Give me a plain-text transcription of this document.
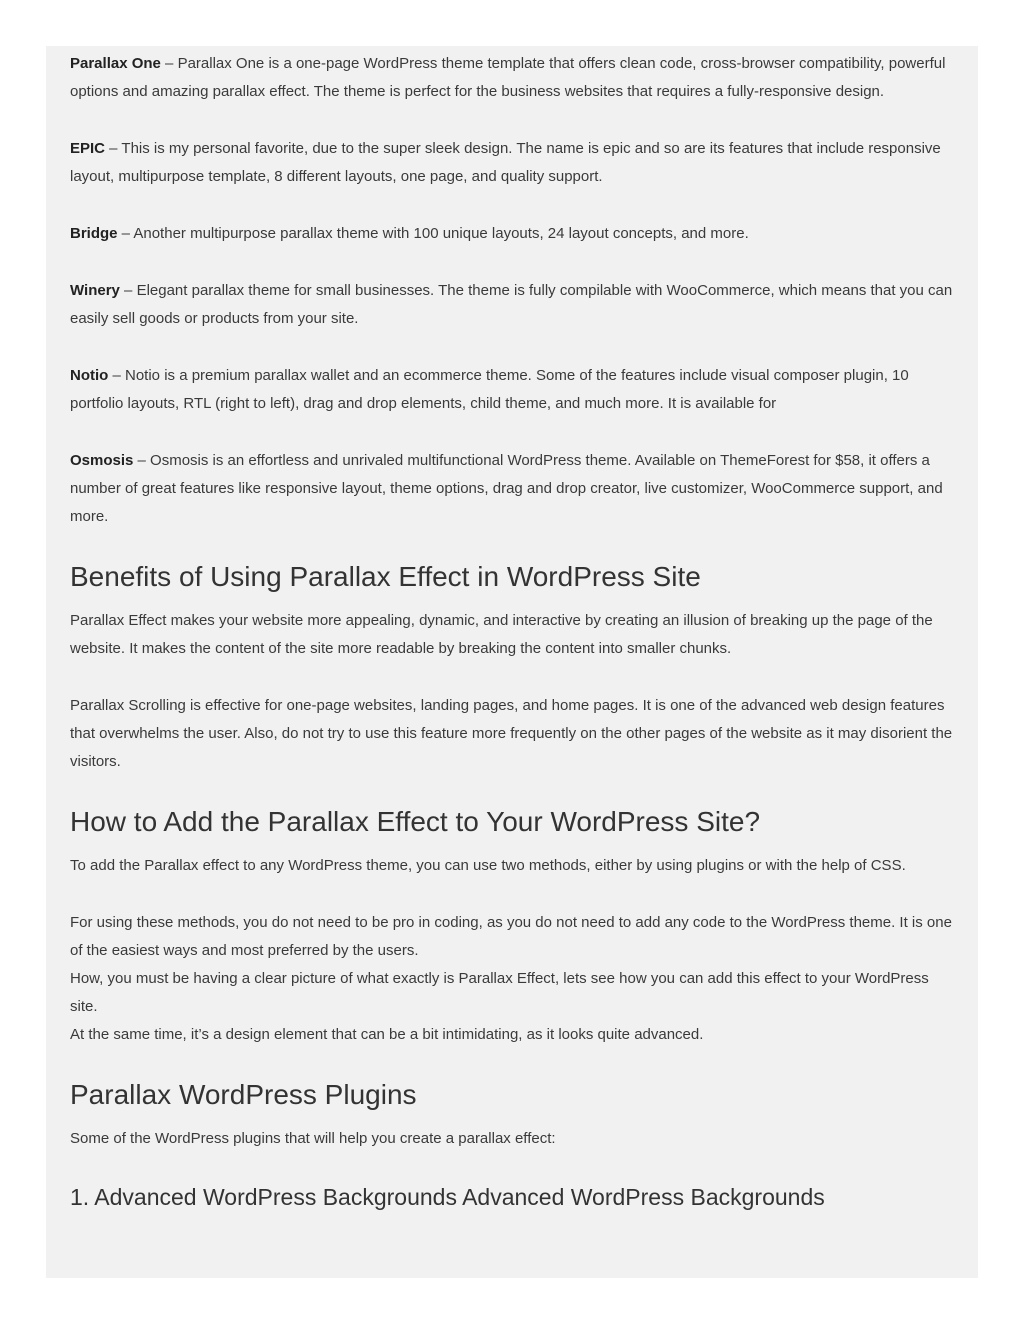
Parallax One – Parallax One is a one-page WordPress theme template that offers clean code, cross-browser compatibility, powerful options and amazing parallax effect. The theme is perfect for the business websites that requires a fully-responsive design.

EPIC – This is my personal favorite, due to the super sleek design. The name is epic and so are its features that include responsive layout, multipurpose template, 8 different layouts, one page, and quality support.

Bridge – Another multipurpose parallax theme with 100 unique layouts, 24 layout concepts, and more.

Winery – Elegant parallax theme for small businesses. The theme is fully compilable with WooCommerce, which means that you can easily sell goods or products from your site.

Notio – Notio is a premium parallax wallet and an ecommerce theme. Some of the features include visual composer plugin, 10 portfolio layouts, RTL (right to left), drag and drop elements, child theme, and much more. It is available for

Osmosis – Osmosis is an effortless and unrivaled multifunctional WordPress theme. Available on ThemeForest for $58, it offers a number of great features like responsive layout, theme options, drag and drop creator, live customizer, WooCommerce support, and more.

Benefits of Using Parallax Effect in WordPress Site

Parallax Effect makes your website more appealing, dynamic, and interactive by creating an illusion of breaking up the page of the website. It makes the content of the site more readable by breaking the content into smaller chunks.

Parallax Scrolling is effective for one-page websites, landing pages, and home pages. It is one of the advanced web design features that overwhelms the user. Also, do not try to use this feature more frequently on the other pages of the website as it may disorient the visitors.

How to Add the Parallax Effect to Your WordPress Site?

To add the Parallax effect to any WordPress theme, you can use two methods, either by using plugins or with the help of CSS.

For using these methods, you do not need to be pro in coding, as you do not need to add any code to the WordPress theme. It is one of the easiest ways and most preferred by the users.

How, you must be having a clear picture of what exactly is Parallax Effect, lets see how you can add this effect to your WordPress site.

At the same time, it’s a design element that can be a bit intimidating, as it looks quite advanced.

Parallax WordPress Plugins

Some of the WordPress plugins that will help you create a parallax effect:

1. Advanced WordPress Backgrounds Advanced WordPress Backgrounds
